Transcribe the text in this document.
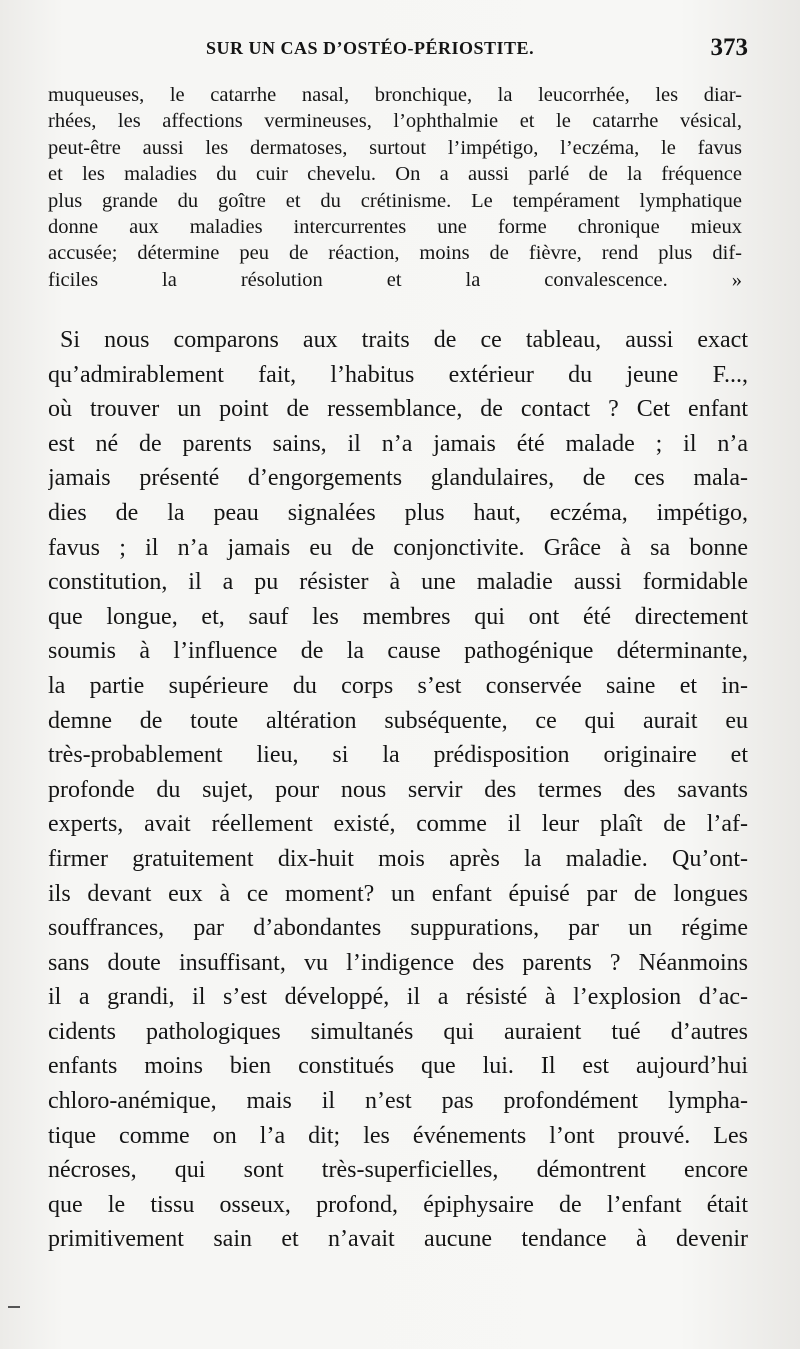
SUR UN CAS D’OSTÉO-PÉRIOSTITE.	373
muqueuses, le catarrhe nasal, bronchique, la leucorrhée, les diar-
rhées, les affections vermineuses, l’ophthalmie et le catarrhe vésical,
peut-être aussi les dermatoses, surtout l’impétigo, l’eczéma, le favus
et les maladies du cuir chevelu. On a aussi parlé de la fréquence
plus grande du goître et du crétinisme. Le tempérament lymphatique
donne aux maladies intercurrentes une forme chronique mieux
accusée; détermine peu de réaction, moins de fièvre, rend plus dif-
ficiles la résolution et la convalescence. »
Si nous comparons aux traits de ce tableau, aussi exact
qu’admirablement fait, l’habitus extérieur du jeune F...,
où trouver un point de ressemblance, de contact ? Cet enfant
est né de parents sains, il n’a jamais été malade ; il n’a
jamais présenté d’engorgements glandulaires, de ces mala-
dies de la peau signalées plus haut, eczéma, impétigo,
favus ; il n’a jamais eu de conjonctivite. Grâce à sa bonne
constitution, il a pu résister à une maladie aussi formidable
que longue, et, sauf les membres qui ont été directement
soumis à l’influence de la cause pathogénique déterminante,
la partie supérieure du corps s’est conservée saine et in-
demne de toute altération subséquente, ce qui aurait eu
très-probablement lieu, si la prédisposition originaire et
profonde du sujet, pour nous servir des termes des savants
experts, avait réellement existé, comme il leur plaît de l’af-
firmer gratuitement dix-huit mois après la maladie. Qu’ont-
ils devant eux à ce moment? un enfant épuisé par de longues
souffrances, par d’abondantes suppurations, par un régime
sans doute insuffisant, vu l’indigence des parents ? Néanmoins
il a grandi, il s’est développé, il a résisté à l’explosion d’ac-
cidents pathologiques simultanés qui auraient tué d’autres
enfants moins bien constitués que lui. Il est aujourd’hui
chloro-anémique, mais il n’est pas profondément lympha-
tique comme on l’a dit; les événements l’ont prouvé. Les
nécroses, qui sont très-superficielles, démontrent encore
que le tissu osseux, profond, épiphysaire de l’enfant était
primitivement sain et n’avait aucune tendance à devenir
